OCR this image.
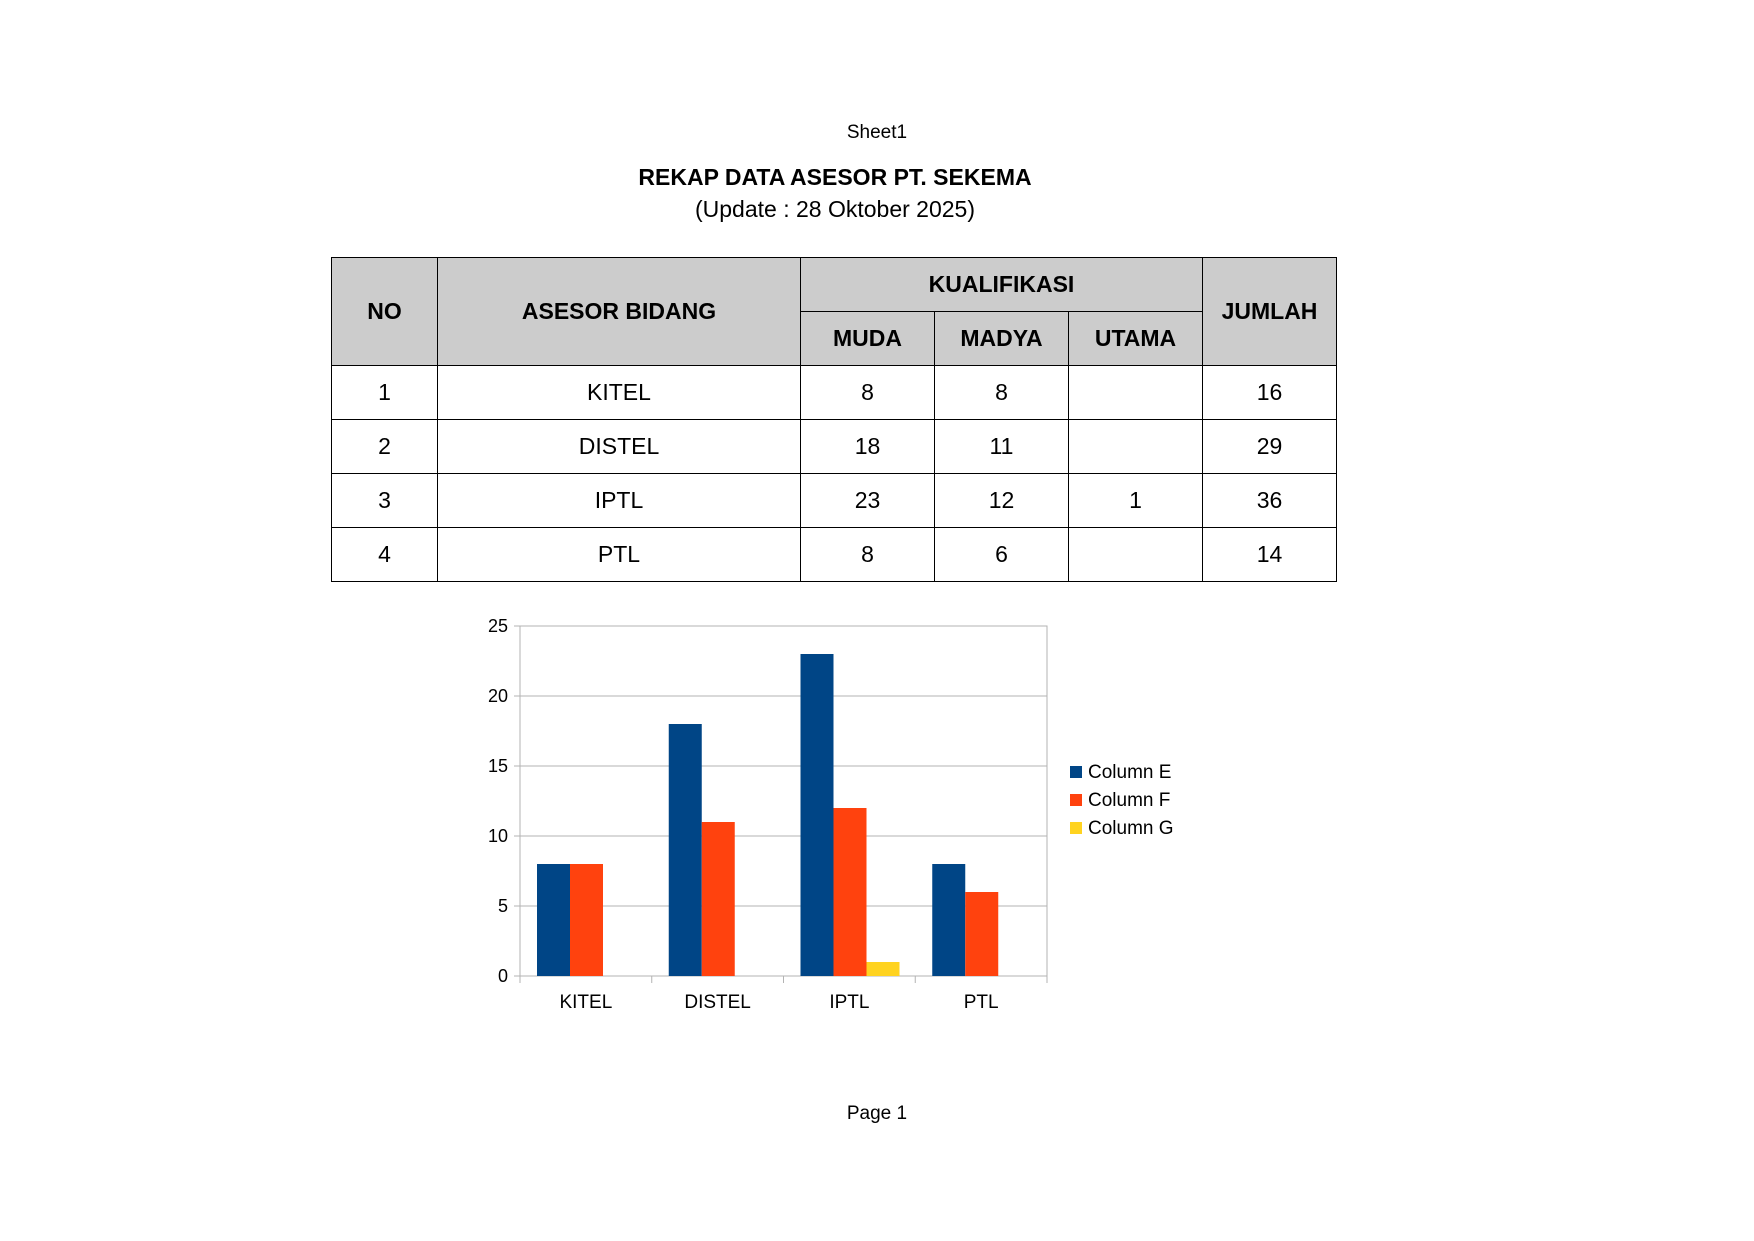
Sheet1
REKAP DATA ASESOR PT. SEKEMA
(Update : 28 Oktober 2025)
NO	ASESOR BIDANG	KUALIFIKASI			JUMLAH
		MUDA	MADYA	UTAMA	
1	KITEL	8	8		16
2	DISTEL	18	11		29
3	IPTL	23	12	1	36
4	PTL	8	6		14
0
5
10
15
20
25
KITEL	DISTEL	IPTL	PTL
Column E
Column F
Column G
Page 1
